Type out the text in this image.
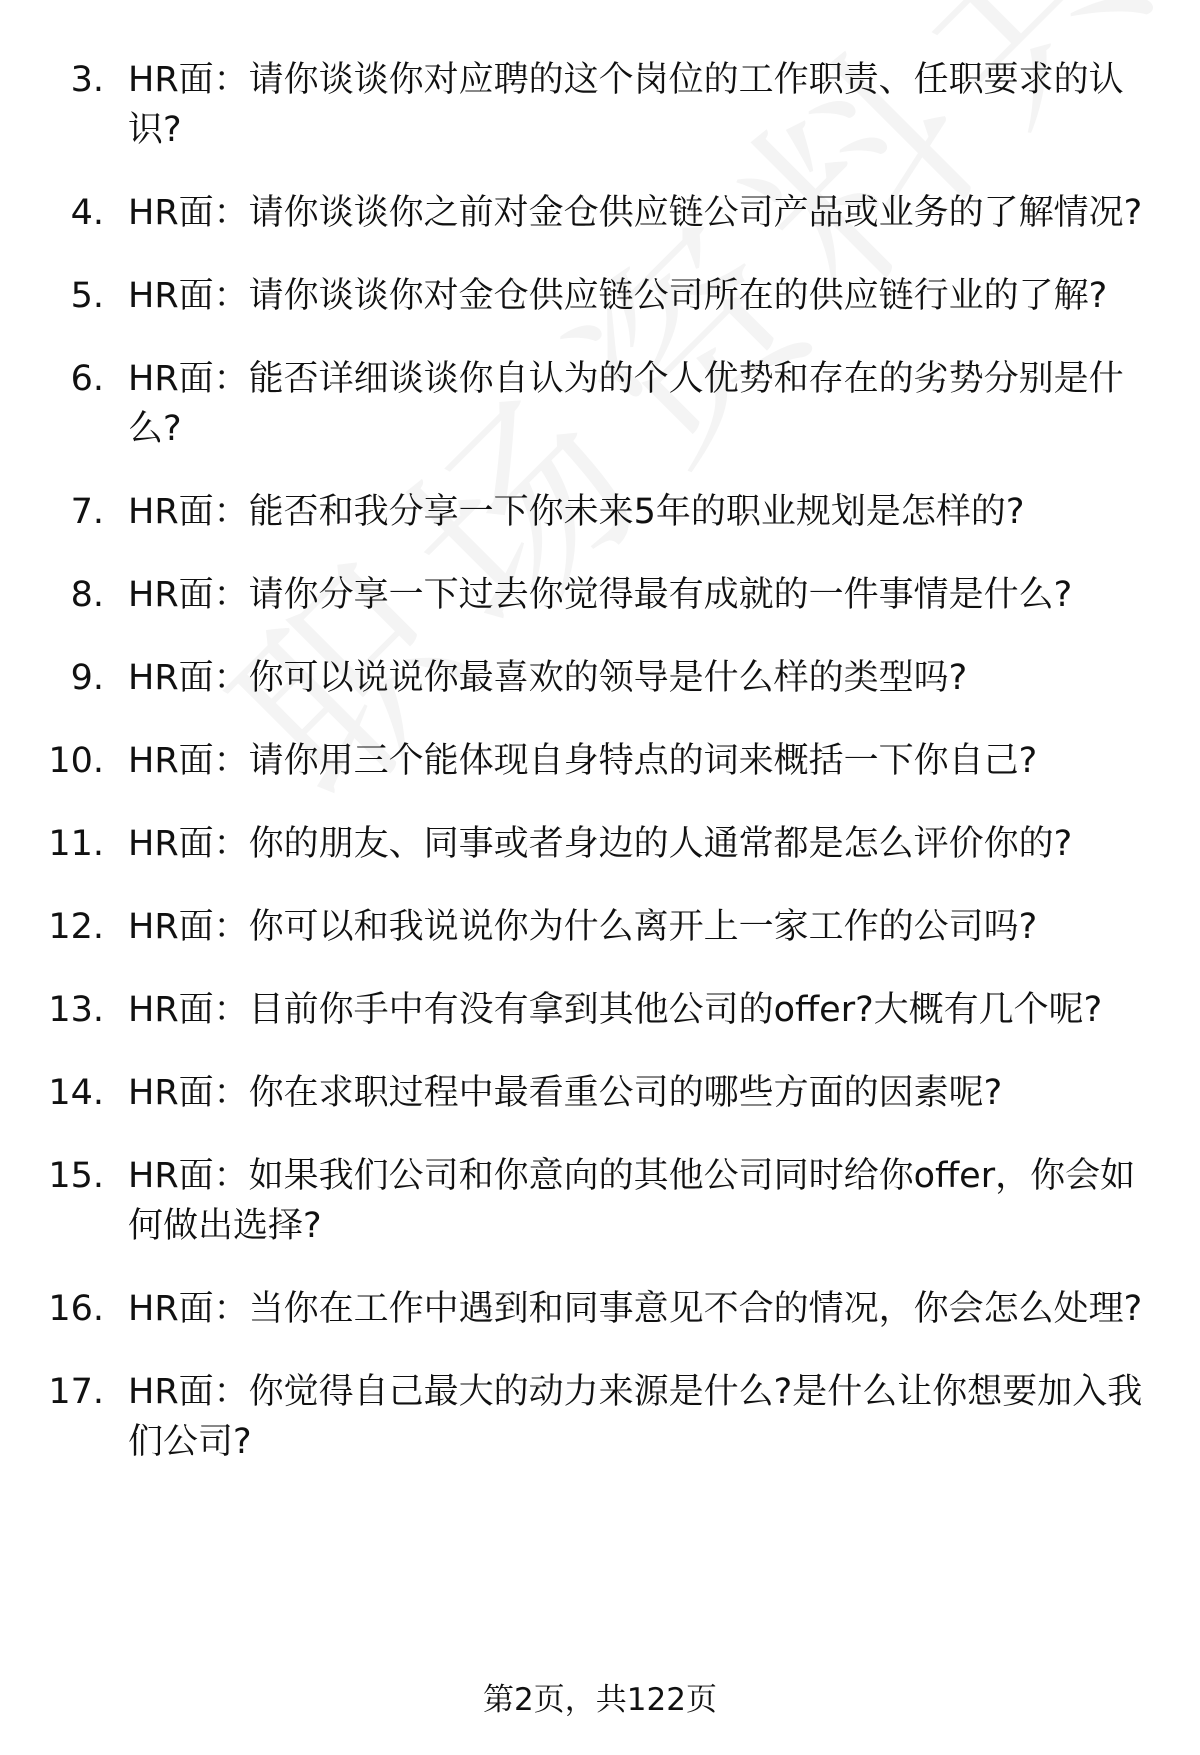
3. HR面：请你谈谈你对应聘的这个岗位的工作职责、任职要求的认识?
4. HR面：请你谈谈你之前对金仓供应链公司产品或业务的了解情况?
5. HR面：请你谈谈你对金仓供应链公司所在的供应链行业的了解?
6. HR面：能否详细谈谈你自认为的个人优势和存在的劣势分别是什么?
7. HR面：能否和我分享一下你未来5年的职业规划是怎样的?
8. HR面：请你分享一下过去你觉得最有成就的一件事情是什么?
9. HR面：你可以说说你最喜欢的领导是什么样的类型吗?
10. HR面：请你用三个能体现自身特点的词来概括一下你自己?
11. HR面：你的朋友、同事或者身边的人通常都是怎么评价你的?
12. HR面：你可以和我说说你为什么离开上一家工作的公司吗?
13. HR面：目前你手中有没有拿到其他公司的offer?大概有几个呢?
14. HR面：你在求职过程中最看重公司的哪些方面的因素呢?
15. HR面：如果我们公司和你意向的其他公司同时给你offer，你会如何做出选择?
16. HR面：当你在工作中遇到和同事意见不合的情况，你会怎么处理?
17. HR面：你觉得自己最大的动力来源是什么?是什么让你想要加入我们公司?
第2页，共122页
